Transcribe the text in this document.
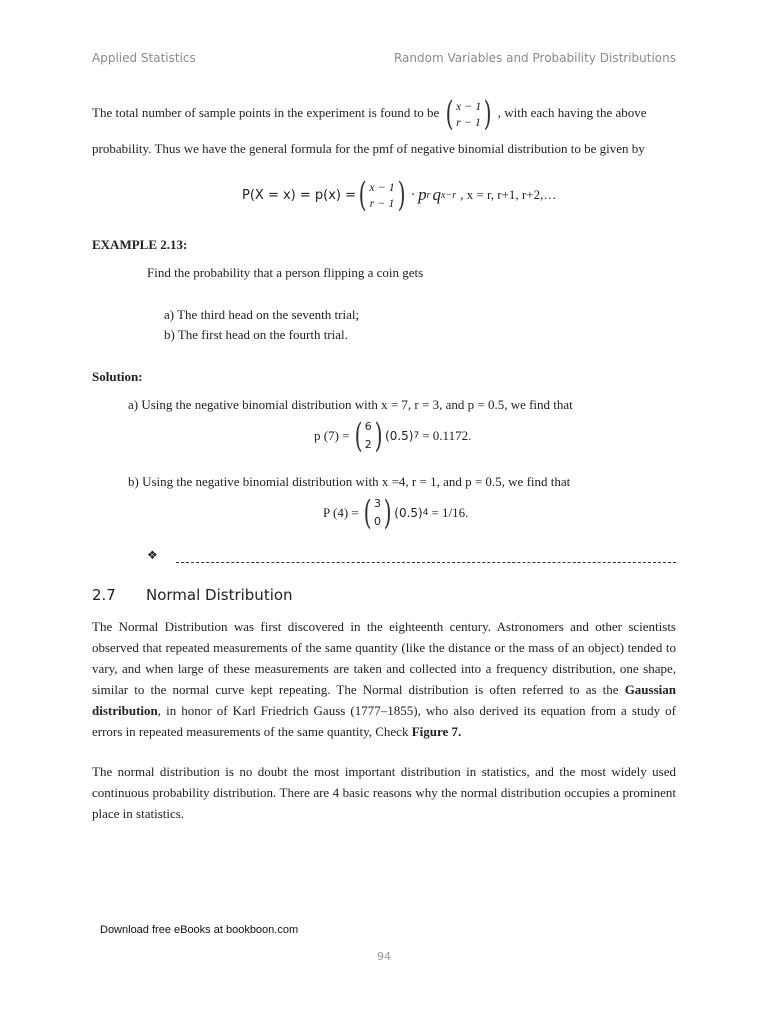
Applied Statistics	Random Variables and Probability Distributions
The total number of sample points in the experiment is found to be ( x − 1
r − 1 ) , with each having the above
probability. Thus we have the general formula for the pmf of negative binomial distribution to be given by
P(X = x) = p(x) = ( x − 1
r − 1 ) · p r q x−r , x = r, r+1, r+2,…
EXAMPLE 2.13:
Find the probability that a person flipping a coin gets
a) The third head on the seventh trial;
b) The first head on the fourth trial.
Solution:
a) Using the negative binomial distribution with x = 7, r = 3, and p = 0.5, we find that
p (7) = ( 6
2 ) (0.5) 7 = 0.1172.
b) Using the negative binomial distribution with x =4, r = 1, and p = 0.5, we find that
P (4) = ( 3
0 ) (0.5) 4 = 1/16.
❖
2.7 Normal Distribution
The Normal Distribution was first discovered in the eighteenth century. Astronomers and other scientists observed that repeated measurements of the same quantity (like the distance or the mass of an object) tended to vary, and when large of these measurements are taken and collected into a frequency distribution, one shape, similar to the normal curve kept repeating. The Normal distribution is often referred to as the Gaussian distribution, in honor of Karl Friedrich Gauss (1777–1855), who also derived its equation from a study of errors in repeated measurements of the same quantity, Check Figure 7.
The normal distribution is no doubt the most important distribution in statistics, and the most widely used continuous probability distribution. There are 4 basic reasons why the normal distribution occupies a prominent place in statistics.
Download free eBooks at bookboon.com
94
